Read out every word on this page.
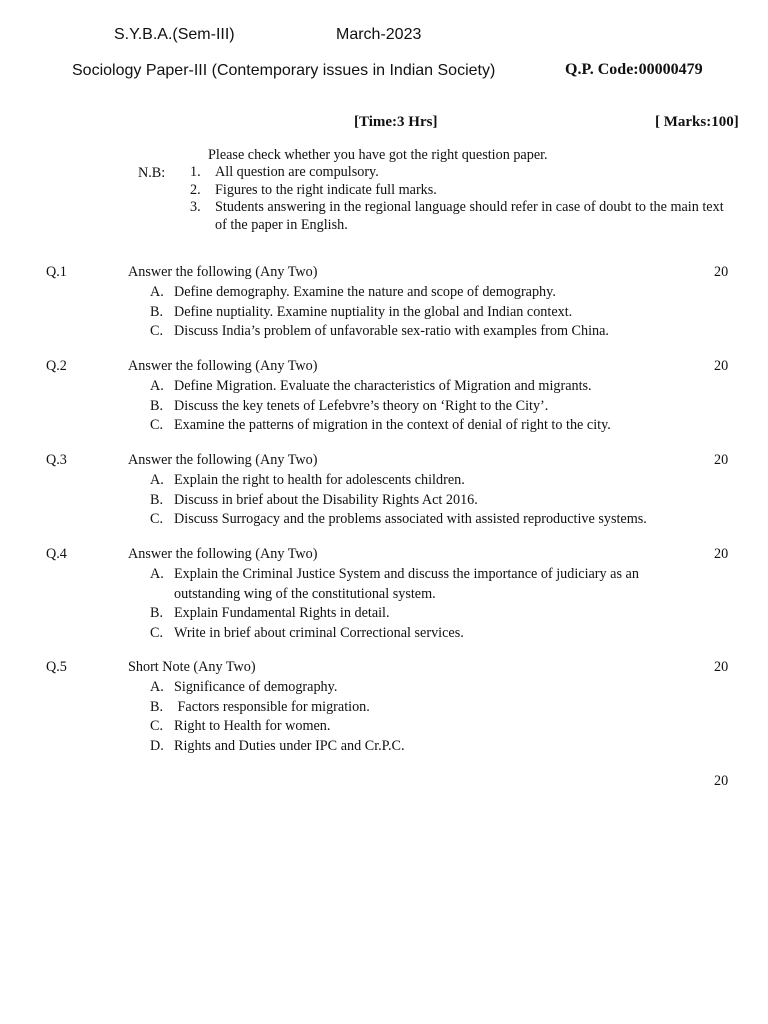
S.Y.B.A.(Sem-III)	March-2023
Sociology Paper-III (Contemporary issues in Indian Society)	Q.P. Code:00000479
[Time:3 Hrs]	[ Marks:100]
Please check whether you have got the right question paper.
N.B: 1.	All question are compulsory.
2.	Figures to the right indicate full marks.
3.	Students answering in the regional language should refer in case of doubt to the main text of the paper in English.
Q.1	Answer the following (Any Two)	20
A. Define demography. Examine the nature and scope of demography.
B. Define nuptiality. Examine nuptiality in the global and Indian context.
C. Discuss India’s problem of unfavorable sex-ratio with examples from China.
Q.2	Answer the following (Any Two)	20
A. Define Migration. Evaluate the characteristics of Migration and migrants.
B. Discuss the key tenets of Lefebvre’s theory on ‘Right to the City’.
C. Examine the patterns of migration in the context of denial of right to the city.
Q.3	Answer the following (Any Two)	20
A. Explain the right to health for adolescents children.
B. Discuss in brief about the Disability Rights Act 2016.
C. Discuss Surrogacy and the problems associated with assisted reproductive systems.
Q.4	Answer the following (Any Two)	20
A. Explain the Criminal Justice System and discuss the importance of judiciary as an outstanding wing of the constitutional system.
B. Explain Fundamental Rights in detail.
C. Write in brief about criminal Correctional services.
Q.5	Short Note (Any Two)	20
A. Significance of demography.
B. Factors responsible for migration.
C. Right to Health for women.
D. Rights and Duties under IPC and Cr.P.C.
20
